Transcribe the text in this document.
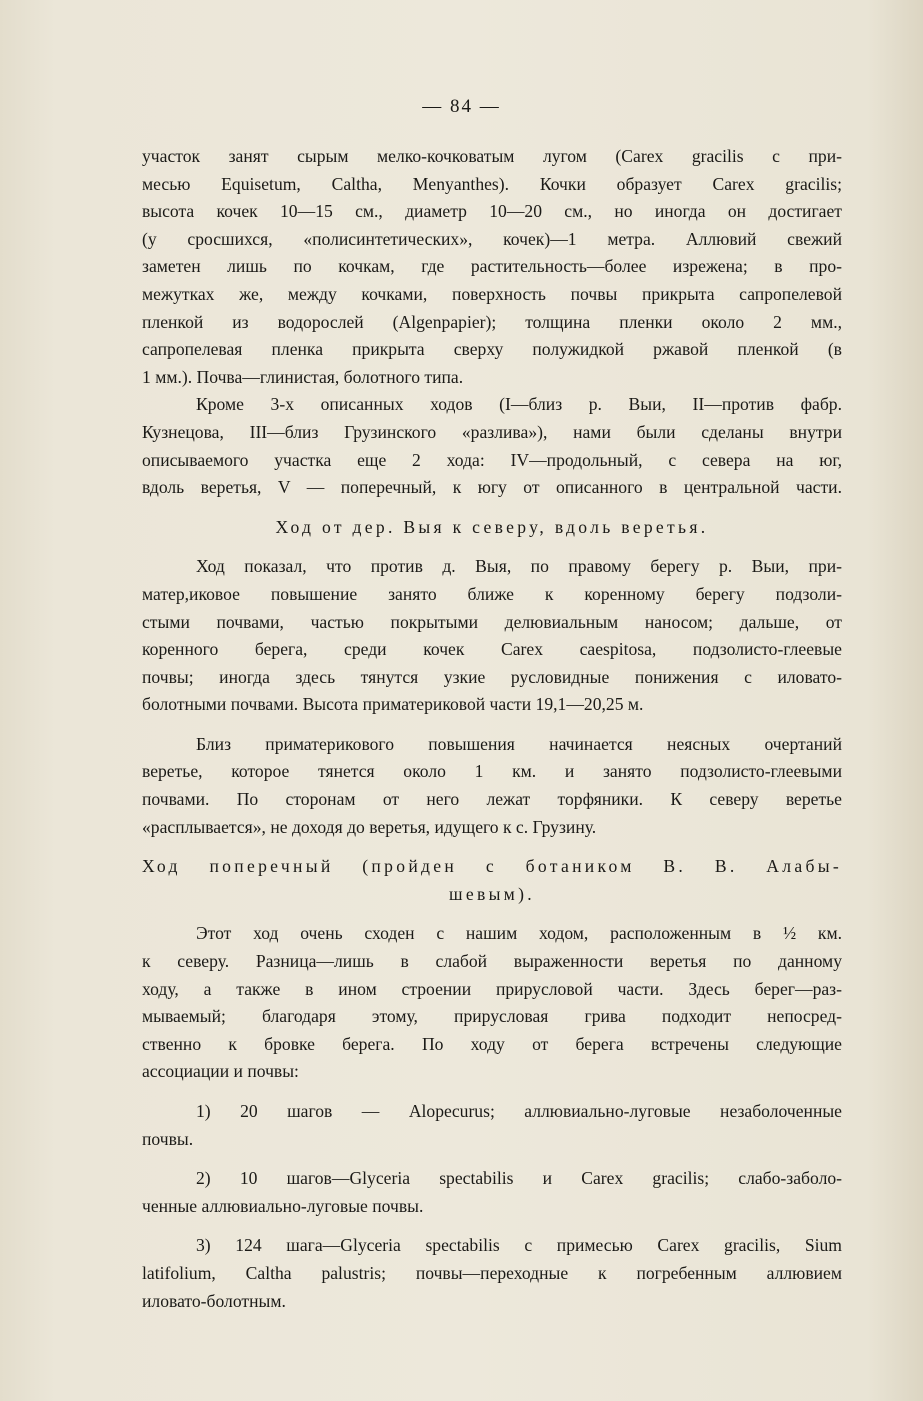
— 84 —
участок занят сырым мелко-кочковатым лугом (Carex gracilis с при-
месью Equisetum, Caltha, Menyanthes). Кочки образует Carex gracilis;
высота кочек 10—15 см., диаметр 10—20 см., но иногда он достигает
(у сросшихся, «полисинтетических», кочек)—1 метра. Аллювий свежий
заметен лишь по кочкам, где растительность—более изрежена; в про-
межутках же, между кочками, поверхность почвы прикрыта сапропелевой
пленкой из водорослей (Algenpapier); толщина пленки около 2 мм.,
сапропелевая пленка прикрыта сверху полужидкой ржавой пленкой (в
1 мм.). Почва—глинистая, болотного типа.
Кроме 3-х описанных ходов (I—близ р. Выи, II—против фабр.
Кузнецова, III—близ Грузинского «разлива»), нами были сделаны внутри
описываемого участка еще 2 хода: IV—продольный, с севера на юг,
вдоль веретья, V — поперечный, к югу от описанного в центральной части.
Ход от дер. Выя к северу, вдоль веретья.
Ход показал, что против д. Выя, по правому берегу р. Выи, при-
матер,иковое повышение занято ближе к коренному берегу подзоли-
стыми почвами, частью покрытыми делювиальным наносом; дальше, от
коренного берега, среди кочек Carex caespitosa, подзолисто-глеевые
почвы; иногда здесь тянутся узкие русловидные понижения с иловато-
болотными почвами. Высота приматериковой части 19,1—20,25 м.
Близ приматерикового повышения начинается неясных очертаний
веретье, которое тянется около 1 км. и занято подзолисто-глеевыми
почвами. По сторонам от него лежат торфяники. К северу веретье
«расплывается», не доходя до веретья, идущего к с. Грузину.
Ход поперечный (пройден с ботаником В. В. Алабы-
шевым).
Этот ход очень сходен с нашим ходом, расположенным в ½ км.
к северу. Разница—лишь в слабой выраженности веретья по данному
ходу, а также в ином строении прирусловой части. Здесь берег—раз-
мываемый; благодаря этому, прирусловая грива подходит непосред-
ственно к бровке берега. По ходу от берега встречены следующие
ассоциации и почвы:
1) 20 шагов — Alopecurus; аллювиально-луговые незаболоченные
почвы.
2) 10 шагов—Glyceria spectabilis и Carex gracilis; слабо-заболо-
ченные аллювиально-луговые почвы.
3) 124 шага—Glyceria spectabilis с примесью Carex gracilis, Sium
latifolium, Caltha palustris; почвы—переходные к погребенным аллювием
иловато-болотным.
